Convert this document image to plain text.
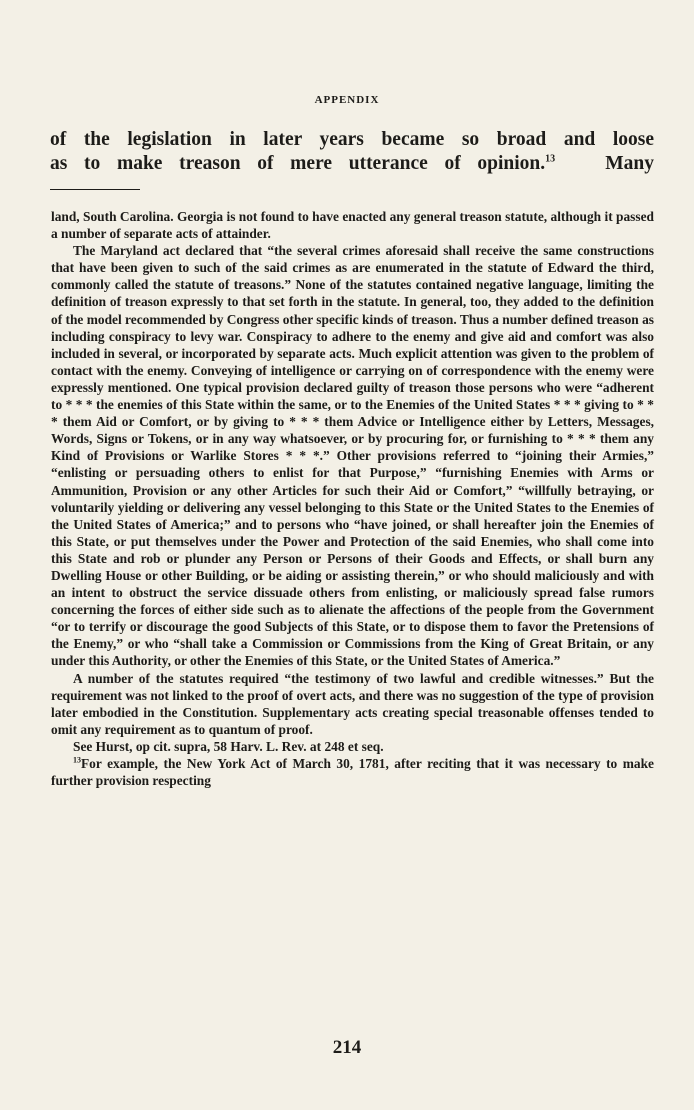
APPENDIX
of the legislation in later years became so broad and loose
as to make treason of mere utterance of opinion.$^{13}$	Many

land, South Carolina. Georgia is not found to have enacted any general treason statute, although it passed a number of separate acts of attainder.

The Maryland act declared that “the several crimes aforesaid shall receive the same constructions that have been given to such of the said crimes as are enumerated in the statute of Edward the third, commonly called the statute of treasons.” None of the statutes contained negative language, limiting the definition of treason expressly to that set forth in the statute. In general, too, they added to the definition of the model recommended by Congress other specific kinds of treason. Thus a number defined treason as including conspiracy to levy war. Conspiracy to adhere to the enemy and give aid and comfort was also included in several, or incorporated by separate acts. Much explicit attention was given to the problem of contact with the enemy. Conveying of intelligence or carrying on of correspondence with the enemy were expressly mentioned. One typical provision declared guilty of treason those persons who were “adherent to * * * the enemies of this State within the same, or to the Enemies of the United States * * * giving to * * * them Aid or Comfort, or by giving to * * * them Advice or Intelligence either by Letters, Messages, Words, Signs or Tokens, or in any way whatsoever, or by procuring for, or furnishing to * * * them any Kind of Provisions or Warlike Stores * * *.” Other provisions referred to “joining their Armies,” “enlisting or persuading others to enlist for that Purpose,” “furnishing Enemies with Arms or Ammunition, Provision or any other Articles for such their Aid or Comfort,” “willfully betraying, or voluntarily yielding or delivering any vessel belonging to this State or the United States to the Enemies of the United States of America;” and to persons who “have joined, or shall hereafter join the Enemies of this State, or put themselves under the Power and Protection of the said Enemies, who shall come into this State and rob or plunder any Person or Persons of their Goods and Effects, or shall burn any Dwelling House or other Building, or be aiding or assisting therein,” or who should maliciously and with an intent to obstruct the service dissuade others from enlisting, or maliciously spread false rumors concerning the forces of either side such as to alienate the affections of the people from the Government “or to terrify or discourage the good Subjects of this State, or to dispose them to favor the Pretensions of the Enemy,” or who “shall take a Commission or Commissions from the King of Great Britain, or any under this Authority, or other the Enemies of this State, or the United States of America.”

A number of the statutes required “the testimony of two lawful and credible witnesses.” But the requirement was not linked to the proof of overt acts, and there was no suggestion of the type of provision later embodied in the Constitution. Supplementary acts creating special treasonable offenses tended to omit any requirement as to quantum of proof.

See Hurst, op cit. supra, 58 Harv. L. Rev. at 248 et seq.

$^{13}$For example, the New York Act of March 30, 1781, after reciting that it was necessary to make further provision respecting

214
